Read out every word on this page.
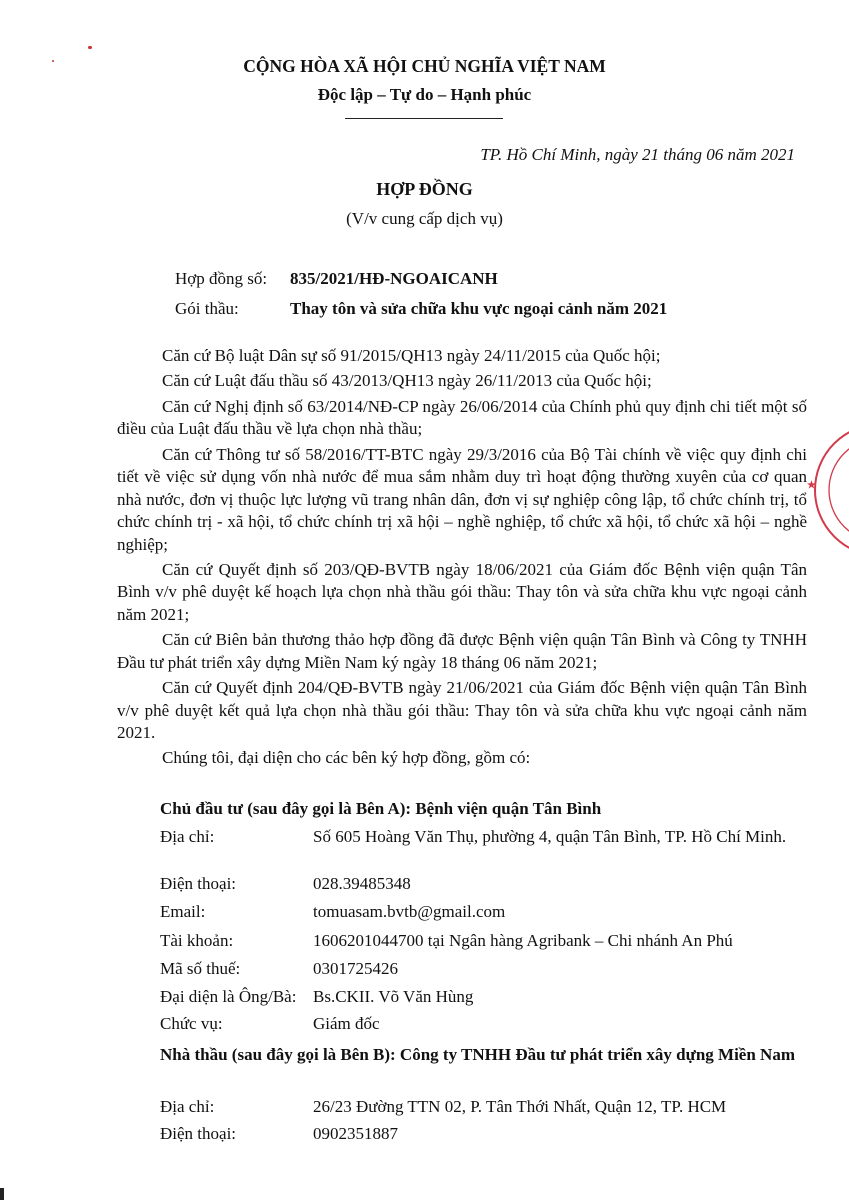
CỘNG HÒA XÃ HỘI CHỦ NGHĨA VIỆT NAM
Độc lập – Tự do – Hạnh phúc
TP. Hồ Chí Minh, ngày 21 tháng 06 năm 2021
HỢP ĐỒNG
(V/v cung cấp dịch vụ)
Hợp đồng số: 835/2021/HĐ-NGOAICANH
Gói thầu:	Thay tôn và sửa chữa khu vực ngoại cảnh năm 2021

Căn cứ Bộ luật Dân sự số 91/2015/QH13 ngày 24/11/2015 của Quốc hội;

Căn cứ Luật đấu thầu số 43/2013/QH13 ngày 26/11/2013 của Quốc hội;

Căn cứ Nghị định số 63/2014/NĐ-CP ngày 26/06/2014 của Chính phủ quy định chi tiết một số điều của Luật đấu thầu về lựa chọn nhà thầu;

Căn cứ Thông tư số 58/2016/TT-BTC ngày 29/3/2016 của Bộ Tài chính về việc quy định chi tiết về việc sử dụng vốn nhà nước để mua sắm nhằm duy trì hoạt động thường xuyên của cơ quan nhà nước, đơn vị thuộc lực lượng vũ trang nhân dân, đơn vị sự nghiệp công lập, tổ chức chính trị, tổ chức chính trị - xã hội, tổ chức chính trị xã hội – nghề nghiệp, tổ chức xã hội, tổ chức xã hội – nghề nghiệp;

Căn cứ Quyết định số 203/QĐ-BVTB ngày 18/06/2021 của Giám đốc Bệnh viện quận Tân Bình v/v phê duyệt kế hoạch lựa chọn nhà thầu gói thầu: Thay tôn và sửa chữa khu vực ngoại cảnh năm 2021;

Căn cứ Biên bản thương thảo hợp đồng đã được Bệnh viện quận Tân Bình và Công ty TNHH Đầu tư phát triển xây dựng Miền Nam ký ngày 18 tháng 06 năm 2021;

Căn cứ Quyết định 204/QĐ-BVTB ngày 21/06/2021 của Giám đốc Bệnh viện quận Tân Bình v/v phê duyệt kết quả lựa chọn nhà thầu gói thầu: Thay tôn và sửa chữa khu vực ngoại cảnh năm 2021.

Chúng tôi, đại diện cho các bên ký hợp đồng, gồm có:

Chủ đầu tư (sau đây gọi là Bên A): Bệnh viện quận Tân Bình
Địa chỉ:	Số 605 Hoàng Văn Thụ, phường 4, quận Tân Bình, TP. Hồ Chí Minh.
Điện thoại:	028.39485348
Email:	tomuasam.bvtb@gmail.com
Tài khoản:	1606201044700 tại Ngân hàng Agribank – Chi nhánh An Phú
Mã số thuế:	0301725426
Đại diện là Ông/Bà: Bs.CKII. Võ Văn Hùng
Chức vụ:	Giám đốc
Nhà thầu (sau đây gọi là Bên B): Công ty TNHH Đầu tư phát triển xây dựng Miền Nam
Địa chỉ:	26/23 Đường TTN 02, P. Tân Thới Nhất, Quận 12, TP. HCM
Điện thoại:	0902351887
★
